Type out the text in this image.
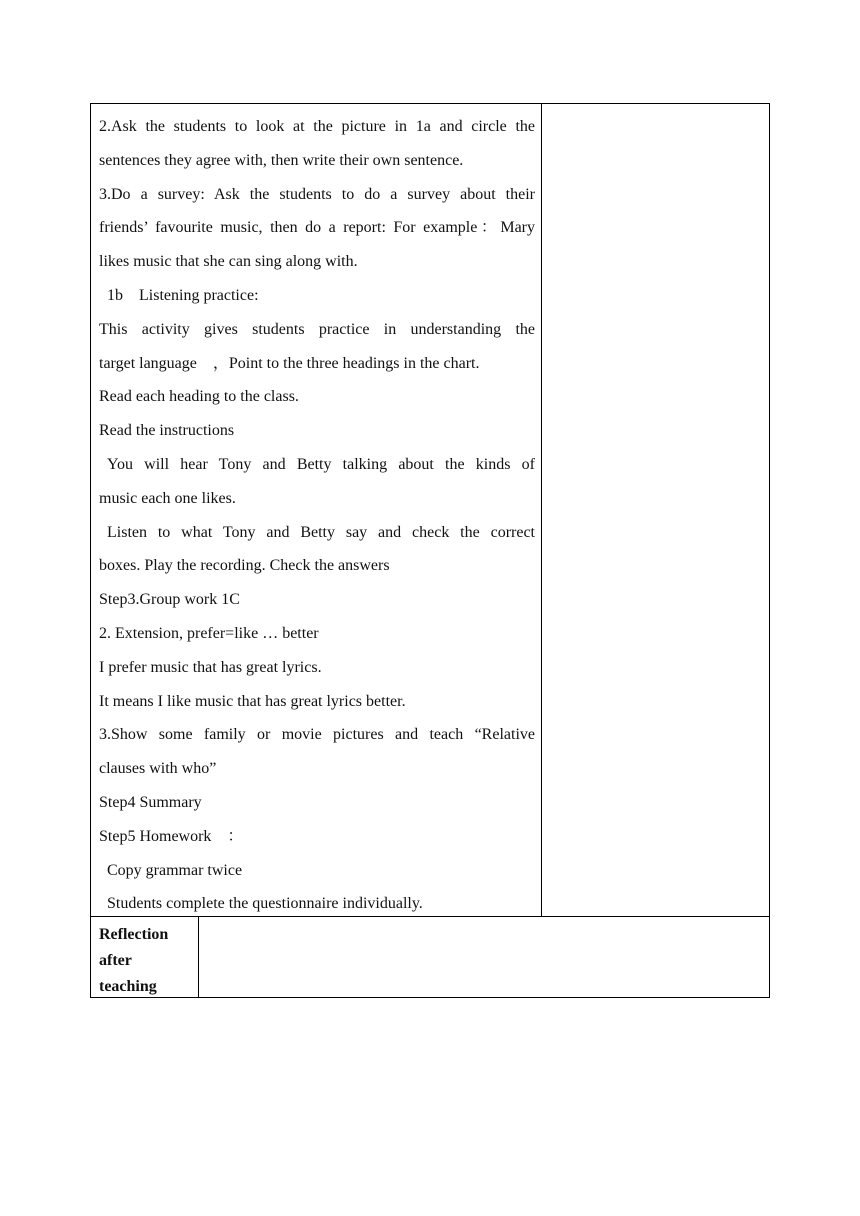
2.Ask the students to look at the picture in 1a and circle the
sentences they agree with, then write their own sentence.
3.Do a survey: Ask the students to do a survey about their
friends’ favourite music, then do a report: For example：Mary
likes music that she can sing along with.
1b    Listening practice:
This activity gives students practice in understanding the
target language    ，Point to the three headings in the chart.
Read each heading to the class.
Read the instructions
You will hear Tony and Betty talking about the kinds of
music each one likes.
Listen to what Tony and Betty say and check the correct
boxes. Play the recording. Check the answers
Step3.Group work 1C
2. Extension, prefer=like … better
I prefer music that has great lyrics.
It means I like music that has great lyrics better.
3.Show some family or movie pictures and teach “Relative
clauses with who”
Step4 Summary
Step5 Homework    ：
Copy grammar twice
Students complete the questionnaire individually.
Reflection
after
teaching
